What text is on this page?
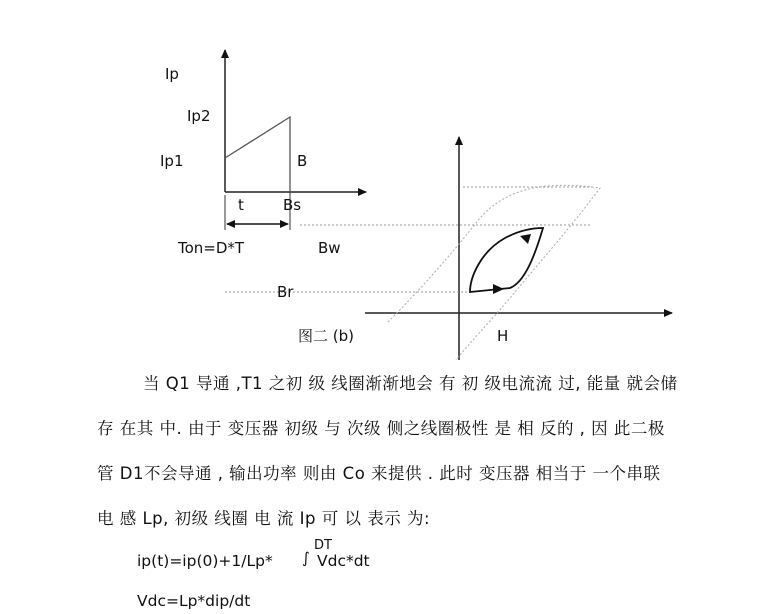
Ip
Ip2
Ip1	B
t	Bs
Ton=D*T	Bw
Br
H
图二 (b)
当 Q1 导通 ,T1 之初 级 线圈渐渐地会 有 初 级电流流 过, 能量 就会储
存 在其 中. 由于 变压器 初级 与 次级 侧之线圈极性 是 相 反的 , 因 此二极
管 D1不会导通 , 输出功率 则由 Co 来提供 . 此时 变压器 相当于 一个串联
电 感 Lp, 初级 线圈 电 流 Ip 可 以 表示 为:
ip(t)=ip(0)+1/Lp*
DT
∫ Vdc*dt
Vdc=Lp*dip/dt
